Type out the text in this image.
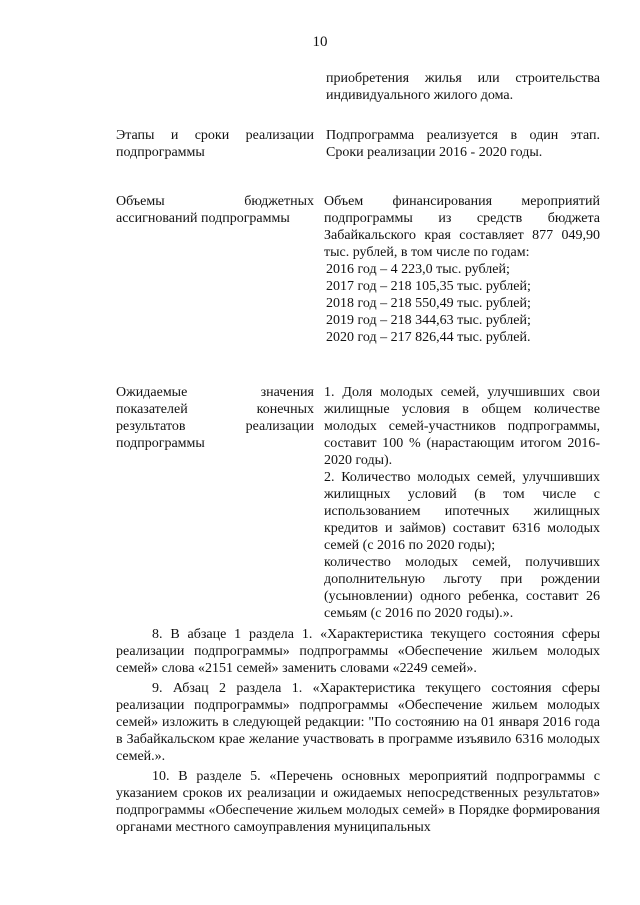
10
приобретения жилья или строительства
индивидуального жилого дома.
Этапы и сроки реализации подпрограммы
Подпрограмма реализуется в один этап.
Сроки реализации 2016 - 2020 годы.
Объемы бюджетных ассигнований подпрограммы

Объем финансирования мероприятий подпрограммы из средств бюджета Забайкальского края составляет 877 049,90 тыс. рублей, в том числе по годам:

2016 год – 4 223,0 тыс. рублей;
2017 год – 218 105,35 тыс. рублей;
2018 год – 218 550,49 тыс. рублей;
2019 год – 218 344,63 тыс. рублей;
2020 год – 217 826,44 тыс. рублей.
Ожидаемые значения показателей конечных результатов реализации подпрограммы

1. Доля молодых семей, улучшивших свои жилищные условия в общем количестве молодых семей-участников подпрограммы, составит 100 % (нарастающим итогом 2016-2020 годы).

2. Количество молодых семей, улучшивших жилищных условий (в том числе с использованием ипотечных жилищных кредитов и займов) составит 6316 молодых семей (с 2016 по 2020 годы);

количество молодых семей, получивших дополнительную льготу при рождении (усыновлении) одного ребенка, составит 26 семьям (с 2016 по 2020 годы).».

8. В абзаце 1 раздела 1. «Характеристика текущего состояния сферы реализации подпрограммы» подпрограммы «Обеспечение жильем молодых семей» слова «2151 семей» заменить словами «2249 семей».

9. Абзац 2 раздела 1. «Характеристика текущего состояния сферы реализации подпрограммы» подпрограммы «Обеспечение жильем молодых семей» изложить в следующей редакции: "По состоянию на 01 января 2016 года в Забайкальском крае желание участвовать в программе изъявило 6316 молодых семей.».

10. В разделе 5. «Перечень основных мероприятий подпрограммы с указанием сроков их реализации и ожидаемых непосредственных результатов» подпрограммы «Обеспечение жильем молодых семей» в Порядке формирования органами местного самоуправления муниципальных
